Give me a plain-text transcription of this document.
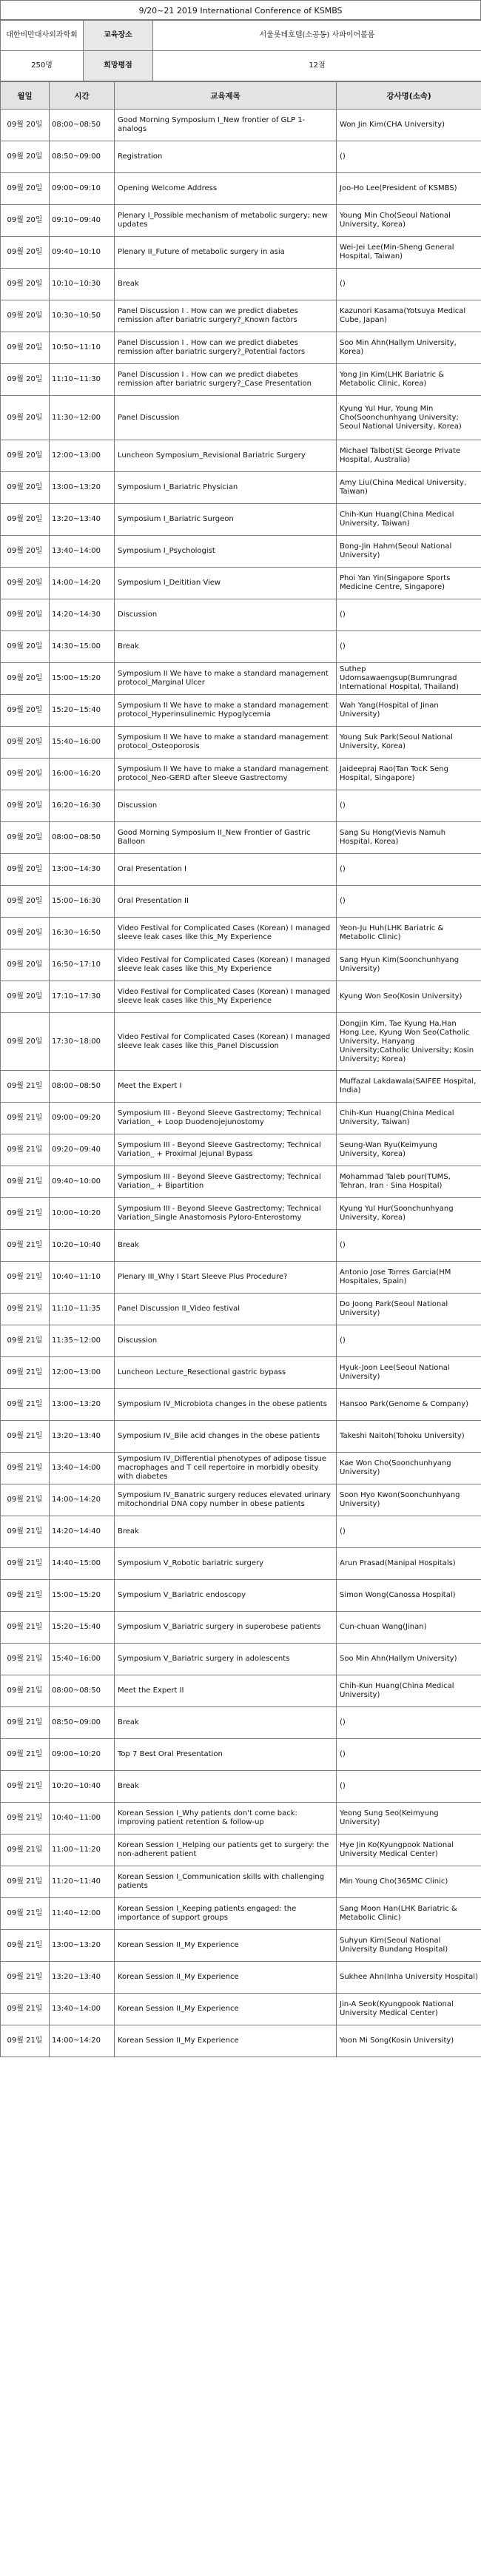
9/20~21 2019 International Conference of KSMBS
대한비만대사외과학회	교육장소	서울롯데호텔(소공동) 사파이어볼룸
250명	희망평점	12점
월일	시간	교육제목	강사명(소속)
09월 20일	08:00~08:50	Good Morning Symposium I_New frontier of GLP 1-analogs	Won Jin Kim(CHA University)
09월 20일	08:50~09:00	Registration	()
09월 20일	09:00~09:10	Opening Welcome Address	Joo-Ho Lee(President of KSMBS)
09월 20일	09:10~09:40	Plenary I_Possible mechanism of metabolic surgery; new updates	Young Min Cho(Seoul National University, Korea)
09월 20일	09:40~10:10	Plenary II_Future of metabolic surgery in asia	Wei-Jei Lee(Min-Sheng General Hospital, Taiwan)
09월 20일	10:10~10:30	Break	()
09월 20일	10:30~10:50	Panel Discussion I . How can we predict diabetes remission after bariatric surgery?_Known factors	Kazunori Kasama(Yotsuya Medical Cube, Japan)
09월 20일	10:50~11:10	Panel Discussion I . How can we predict diabetes remission after bariatric surgery?_Potential factors	Soo Min Ahn(Hallym University, Korea)
09월 20일	11:10~11:30	Panel Discussion I . How can we predict diabetes remission after bariatric surgery?_Case Presentation	Yong Jin Kim(LHK Bariatric & Metabolic Clinic, Korea)
09월 20일	11:30~12:00	Panel Discussion	Kyung Yul Hur, Young Min Cho(Soonchunhyang University; Seoul National University, Korea)
09월 20일	12:00~13:00	Luncheon Symposium_Revisional Bariatric Surgery	Michael Talbot(St George Private Hospital, Australia)
09월 20일	13:00~13:20	Symposium I_Bariatric Physician	Amy Liu(China Medical University, Taiwan)
09월 20일	13:20~13:40	Symposium I_Bariatric Surgeon	Chih-Kun Huang(China Medical University, Taiwan)
09월 20일	13:40~14:00	Symposium I_Psychologist	Bong-Jin Hahm(Seoul National University)
09월 20일	14:00~14:20	Symposium I_Deititian View	Phoi Yan Yin(Singapore Sports Medicine Centre, Singapore)
09월 20일	14:20~14:30	Discussion	()
09월 20일	14:30~15:00	Break	()
09월 20일	15:00~15:20	Symposium II We have to make a standard management protocol_Marginal Ulcer	Suthep Udomsawaengsup(Bumrungrad International Hospital, Thailand)
09월 20일	15:20~15:40	Symposium II We have to make a standard management protocol_Hyperinsulinemic Hypoglycemia	Wah Yang(Hospital of Jinan University)
09월 20일	15:40~16:00	Symposium II We have to make a standard management protocol_Osteoporosis	Young Suk Park(Seoul National University, Korea)
09월 20일	16:00~16:20	Symposium II We have to make a standard management protocol_Neo-GERD after Sleeve Gastrectomy	Jaideepraj Rao(Tan TocK Seng Hospital, Singapore)
09월 20일	16:20~16:30	Discussion	()
09월 20일	08:00~08:50	Good Morning Symposium II_New Frontier of Gastric Balloon	Sang Su Hong(Vievis Namuh Hospital, Korea)
09월 20일	13:00~14:30	Oral Presentation I	()
09월 20일	15:00~16:30	Oral Presentation II	()
09월 20일	16:30~16:50	Video Festival for Complicated Cases (Korean) I managed sleeve leak cases like this_My Experience	Yeon-Ju Huh(LHK Bariatric & Metabolic Clinic)
09월 20일	16:50~17:10	Video Festival for Complicated Cases (Korean) I managed sleeve leak cases like this_My Experience	Sang Hyun Kim(Soonchunhyang University)
09월 20일	17:10~17:30	Video Festival for Complicated Cases (Korean) I managed sleeve leak cases like this_My Experience	Kyung Won Seo(Kosin University)
09월 20일	17:30~18:00	Video Festival for Complicated Cases (Korean) I managed sleeve leak cases like this_Panel Discussion	Dongjin Kim, Tae Kyung Ha,Han Hong Lee, Kyung Won Seo(Catholic University, Hanyang University;Catholic University; Kosin University; Korea)
09월 21일	08:00~08:50	Meet the Expert I	Muffazal Lakdawala(SAIFEE Hospital, India)
09월 21일	09:00~09:20	Symposium III - Beyond Sleeve Gastrectomy; Technical Variation_ + Loop Duodenojejunostomy	Chih-Kun Huang(China Medical University, Taiwan)
09월 21일	09:20~09:40	Symposium III - Beyond Sleeve Gastrectomy; Technical Variation_ + Proximal Jejunal Bypass	Seung-Wan Ryu(Keimyung University, Korea)
09월 21일	09:40~10:00	Symposium III - Beyond Sleeve Gastrectomy; Technical Variation_ + Bipartition	Mohammad Taleb pour(TUMS, Tehran, Iran · Sina Hospital)
09월 21일	10:00~10:20	Symposium III - Beyond Sleeve Gastrectomy; Technical Variation_Single Anastomosis Pyloro-Enterostomy	Kyung Yul Hur(Soonchunhyang University, Korea)
09월 21일	10:20~10:40	Break	()
09월 21일	10:40~11:10	Plenary III_Why I Start Sleeve Plus Procedure?	Antonio Jose Torres Garcia(HM Hospitales, Spain)
09월 21일	11:10~11:35	Panel Discussion II_Video festival	Do Joong Park(Seoul National University)
09월 21일	11:35~12:00	Discussion	()
09월 21일	12:00~13:00	Luncheon Lecture_Resectional gastric bypass	Hyuk-Joon Lee(Seoul National University)
09월 21일	13:00~13:20	Symposium IV_Microbiota changes in the obese patients	Hansoo Park(Genome & Company)
09월 21일	13:20~13:40	Symposium IV_Bile acid changes in the obese patients	Takeshi Naitoh(Tohoku University)
09월 21일	13:40~14:00	Symposium IV_Differential phenotypes of adipose tissue macrophages and T cell repertoire in morbidly obesity with diabetes	Kae Won Cho(Soonchunhyang University)
09월 21일	14:00~14:20	Symposium IV_Banatric surgery reduces elevated urinary mitochondrial DNA copy number in obese patients	Soon Hyo Kwon(Soonchunhyang University)
09월 21일	14:20~14:40	Break	()
09월 21일	14:40~15:00	Symposium V_Robotic bariatric surgery	Arun Prasad(Manipal Hospitals)
09월 21일	15:00~15:20	Symposium V_Bariatric endoscopy	Simon Wong(Canossa Hospital)
09월 21일	15:20~15:40	Symposium V_Bariatric surgery in superobese patients	Cun-chuan Wang(Jinan)
09월 21일	15:40~16:00	Symposium V_Bariatric surgery in adolescents	Soo Min Ahn(Hallym University)
09월 21일	08:00~08:50	Meet the Expert II	Chih-Kun Huang(China Medical University)
09월 21일	08:50~09:00	Break	()
09월 21일	09:00~10:20	Top 7 Best Oral Presentation	()
09월 21일	10:20~10:40	Break	()
09월 21일	10:40~11:00	Korean Session I_Why patients don't come back: improving patient retention & follow-up	Yeong Sung Seo(Keimyung University)
09월 21일	11:00~11:20	Korean Session I_Helping our patients get to surgery: the non-adherent patient	Hye Jin Ko(Kyungpook National University Medical Center)
09월 21일	11:20~11:40	Korean Session I_Communication skills with challenging patients	Min Young Cho(365MC Clinic)
09월 21일	11:40~12:00	Korean Session I_Keeping patients engaged: the importance of support groups	Sang Moon Han(LHK Bariatric & Metabolic Clinic)
09월 21일	13:00~13:20	Korean Session II_My Experience	Suhyun Kim(Seoul National University Bundang Hospital)
09월 21일	13:20~13:40	Korean Session II_My Experience	Sukhee Ahn(Inha University Hospital)
09월 21일	13:40~14:00	Korean Session II_My Experience	Jin-A Seok(Kyungpook National University Medical Center)
09월 21일	14:00~14:20	Korean Session II_My Experience	Yoon Mi Song(Kosin University)
